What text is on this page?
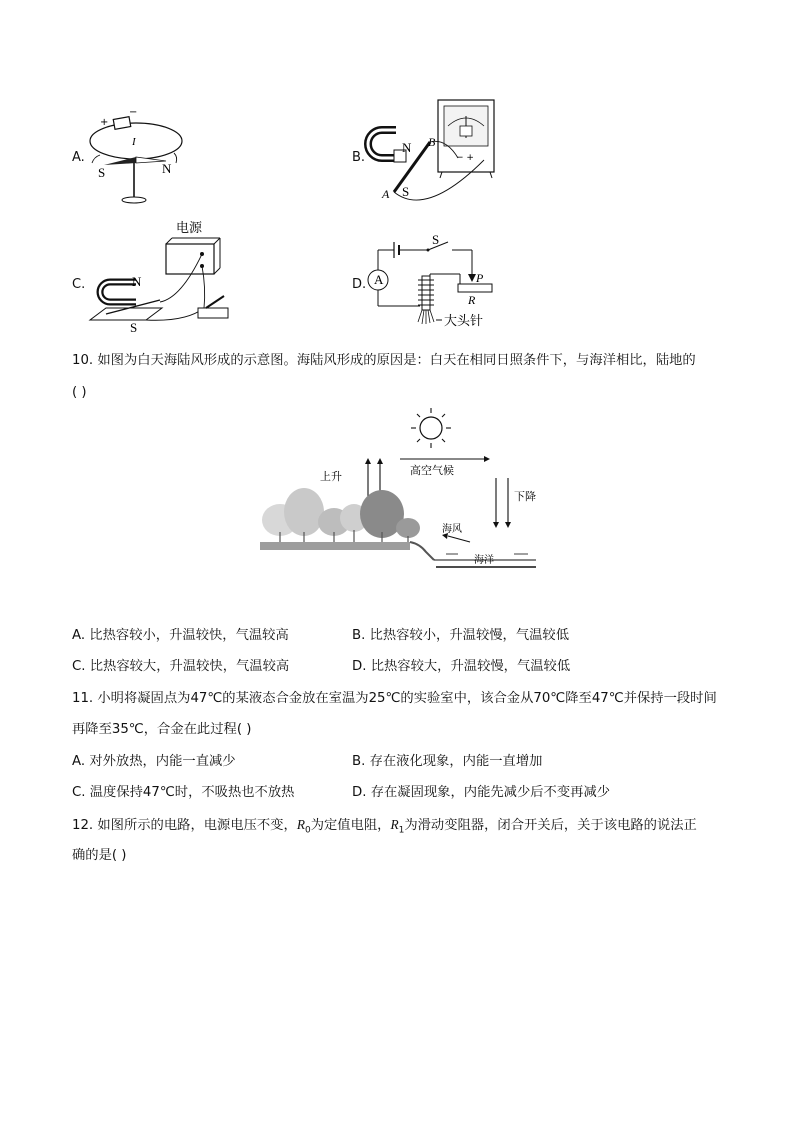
A.
+
−
I
S	N
B.	− +
N
S
A
B
C.
电源
N
S
D.
S
A	P
R
大头针
10. 如图为白天海陆风形成的示意图。海陆风形成的原因是：白天在相同日照条件下，与海洋相比，陆地的
( )
高空气候
上升
下降
海风
海洋
A. 比热容较小，升温较快，气温较高	B. 比热容较小，升温较慢，气温较低
C. 比热容较大，升温较快，气温较高	D. 比热容较大，升温较慢，气温较低
11. 小明将凝固点为47℃的某液态合金放在室温为25℃的实验室中，该合金从70℃降至47℃并保持一段时间
再降至35℃，合金在此过程( )
A. 对外放热，内能一直减少	B. 存在液化现象，内能一直增加
C. 温度保持47℃时，不吸热也不放热	D. 存在凝固现象，内能先减少后不变再减少
12. 如图所示的电路，电源电压不变，$R_0$为定值电阻，$R_1$为滑动变阻器，闭合开关后，关于该电路的说法正
确的是( )
